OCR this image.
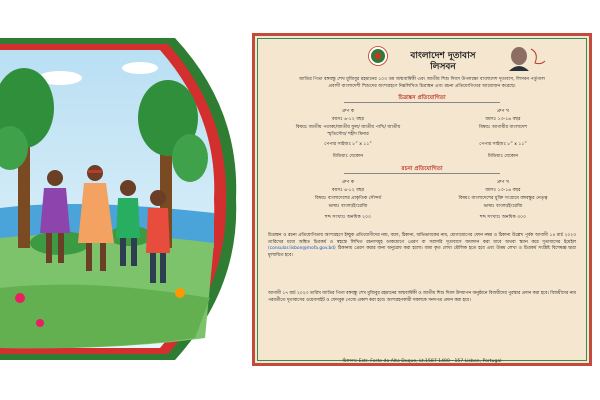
বাংলাদেশ দূতাবাস
লিসবন
জাতির পিতা বঙ্গবন্ধু শেখ মুজিবুর রহমানের ১০৩ তম জন্মবার্ষিকী এবং জাতীয় শিশু দিবস উপলক্ষ্যে বাংলাদেশ দূতাবাস, লিসবন পর্তুগাল
প্রবাসী বাংলাদেশী শিশুদের অংশগ্রহণে নিম্নলিখিত চিত্রাঙ্কন এবং রচনা প্রতিযোগিতার আয়োজন করেছে।
চিত্রাঙ্কন প্রতিযোগিতা
গ্রুপ ক
বয়সঃ ৬-১২ বছর
বিষয়ঃ জাতীয় পতাকা/জাতীয় ফুল/ জাতীয় পাখি/ জাতীয়
স্মৃতিসৌধ/ শহীদ মিনার
পেপার সাইজঃ ৮” x ১১”
মিডিয়াঃ যেকোন
গ্রুপ খ
বয়সঃ ১৩-১৬ বছর
বিষয়ঃ আগামীর বাংলাদেশ
পেপার সাইজঃ ৮” x ১১”
মিডিয়াঃ যেকোন
রচনা প্রতিযোগিতা
গ্রুপ ক
বয়সঃ ৬-১২ বছর
বিষয়ঃ বাংলাদেশের প্রাকৃতিক সৌন্দর্য
ভাষাঃ বাংলা/ইংরেজি
শব্দ সংখ্যাঃ অনধিক ২০০
গ্রুপ খ
বয়সঃ ১৩-১৬ বছর
বিষয়ঃ বাংলাদেশের মুক্তি সংগ্রামে বঙ্গবন্ধুর নেতৃত্ব
ভাষাঃ বাংলা/ইংরেজি
শব্দ সংখ্যাঃ অনধিক ৩০০
চিত্রাঙ্কন ও রচনা প্রতিযোগিতায় অংশগ্রহণে ইচ্ছুক প্রতিযোগীদের নাম, বয়স, ঠিকানা, অভিভাবকের নাম, যোগাযোগের ফোন নম্বর ও ঠিকানা উল্লেখ পূর্বক আগামী ১৪ মার্চ ২০২৩ তারিখের মধ্যে অঙ্কিত চিত্রকর্ম ও স্বহস্তে লিখিত রচনাসমূহ ডাকযোগে প্রেরণ বা সরাসরি দূতাবাসে জমাদান করা যাবে অথবা স্ক্যান করে দূতাবাসের ইমেইল (consular.lisbon@mofa.gov.bd) ঠিকানায় প্রেরণ করার জন্য অনুরোধ করা হলো। জমা কৃত লেখা মৌলিক হতে হবে এবং উত্তম লেখা ও চিত্রকর্ম সংশ্লিষ্ট বিশেষজ্ঞ দ্বারা মূল্যায়িত হবে।
আগামী ১৭ মার্চ ২০২৩ তারিখ জাতির পিতা বঙ্গবন্ধু শেখ মুজিবুর রহমানের জন্মবার্ষিকী ও জাতীয় শিশু দিবস উদযাপন অনুষ্ঠানে বিজয়ীদের পুরস্কার প্রদান করা হবে। বিজয়ীদের নাম পরবর্তীতে দূতাবাসের ওয়েবসাইট ও ফেসবুক পেজে প্রকাশ করা হবে। অংশগ্রহণকারী সকলকে সনদপত্র প্রদান করা হবে।
ঠিকানাঃ Estr. Forte do Alto Duque, Lt.1587 1400 - 157 Lisbon, Portugal
